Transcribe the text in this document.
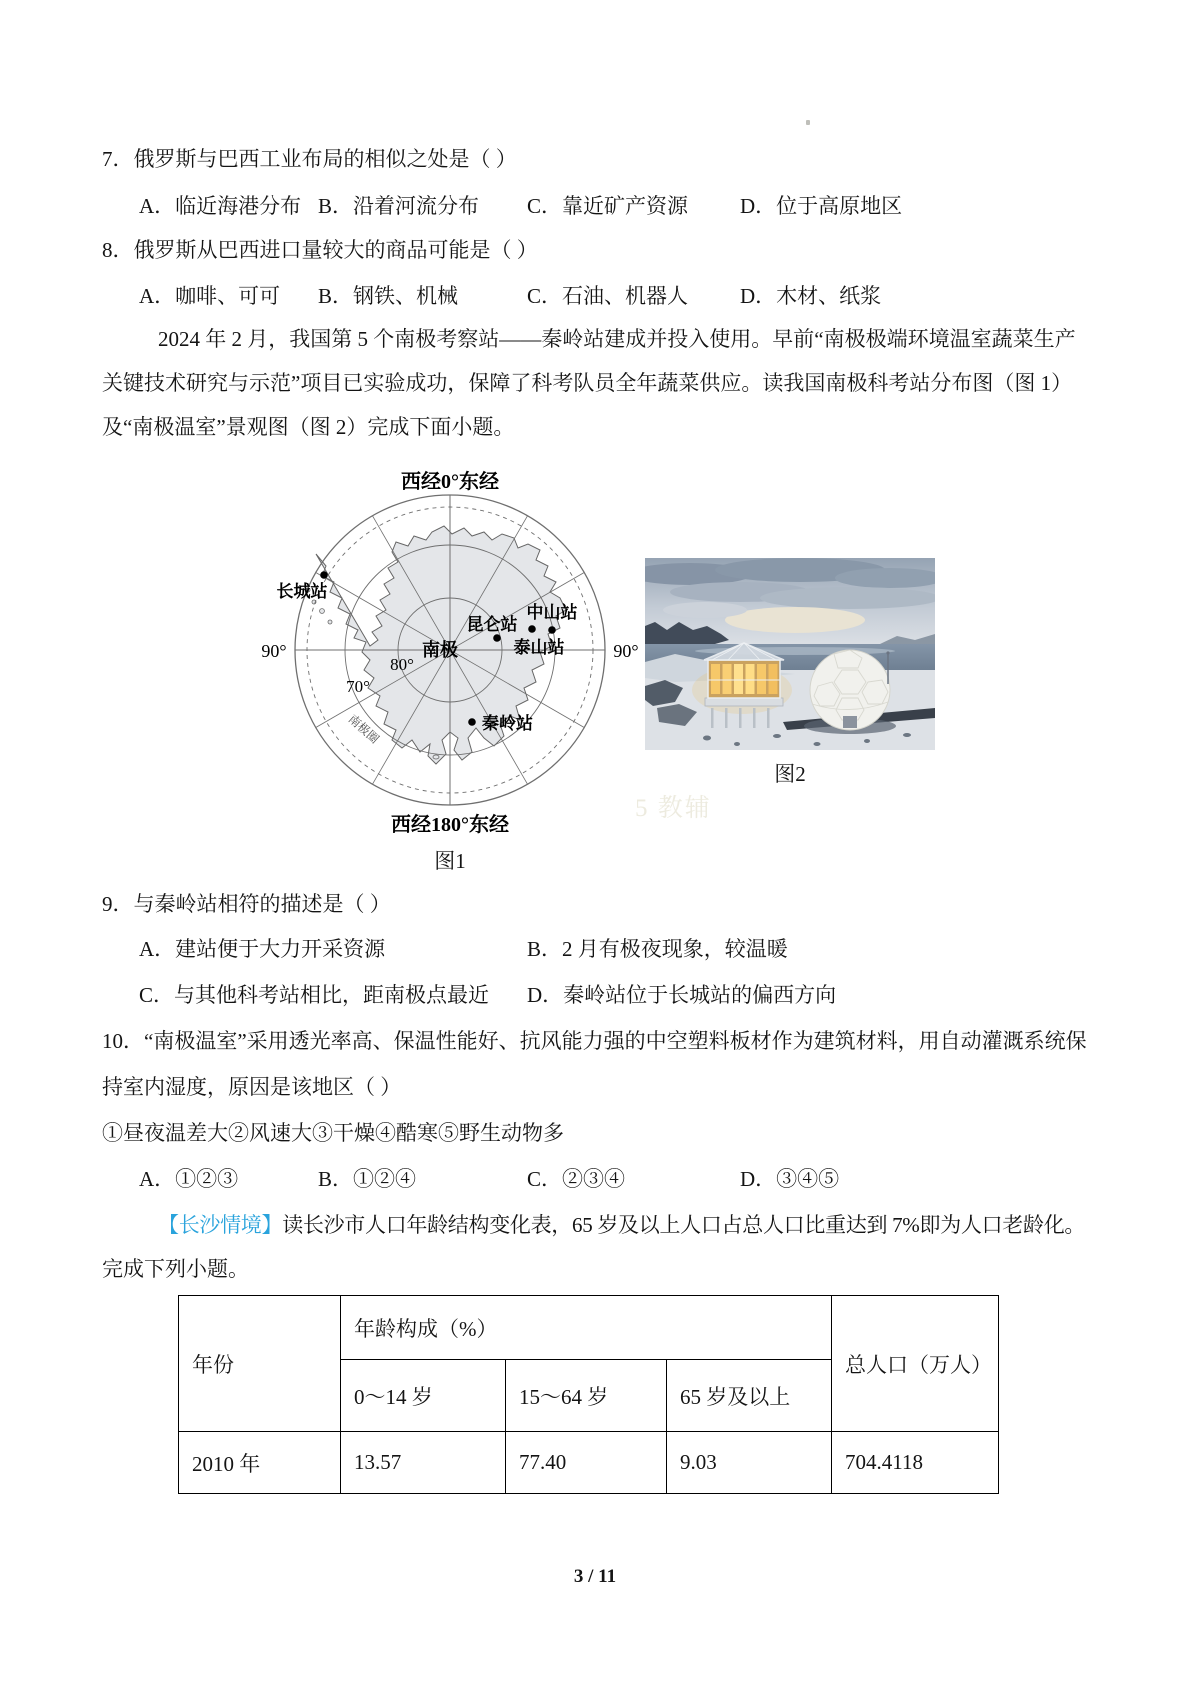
7．俄罗斯与巴西工业布局的相似之处是（ ）
A．临近海港分布 B．沿着河流分布 C．靠近矿产资源 D．位于高原地区
8．俄罗斯从巴西进口量较大的商品可能是（ ）
A．咖啡、可可 B．钢铁、机械	C．石油、机器人 D．木材、纸浆
2024 年 2 月，我国第 5 个南极考察站——秦岭站建成并投入使用。早前“南极极端环境温室蔬菜生产
关键技术研究与示范”项目已实验成功，保障了科考队员全年蔬菜供应。读我国南极科考站分布图（图 1）
及“南极温室”景观图（图 2）完成下面小题。
西经0°东经
西经180°东经
90°	90°
80°
70°
南极
南极圈
长城站
昆仑站
中山站
泰山站
秦岭站
图1
图2
5 教辅
9．与秦岭站相符的描述是（ ）
A．建站便于大力开采资源	B．2 月有极夜现象，较温暖
C．与其他科考站相比，距南极点最近 D．秦岭站位于长城站的偏西方向
10．“南极温室”采用透光率高、保温性能好、抗风能力强的中空塑料板材作为建筑材料，用自动灌溉系统保
持室内湿度，原因是该地区（ ）
①昼夜温差大②风速大③干燥④酷寒⑤野生动物多
A．①②③	B．①②④	C．②③④	D．③④⑤
【长沙情境】读长沙市人口年龄结构变化表，65 岁及以上人口占总人口比重达到 7%即为人口老龄化。
完成下列小题。
年份	年龄构成（%）			总人口（万人）
	0～14 岁	15～64 岁	65 岁及以上	
2010 年	13.57	77.40	9.03	704.4118
3 / 11
